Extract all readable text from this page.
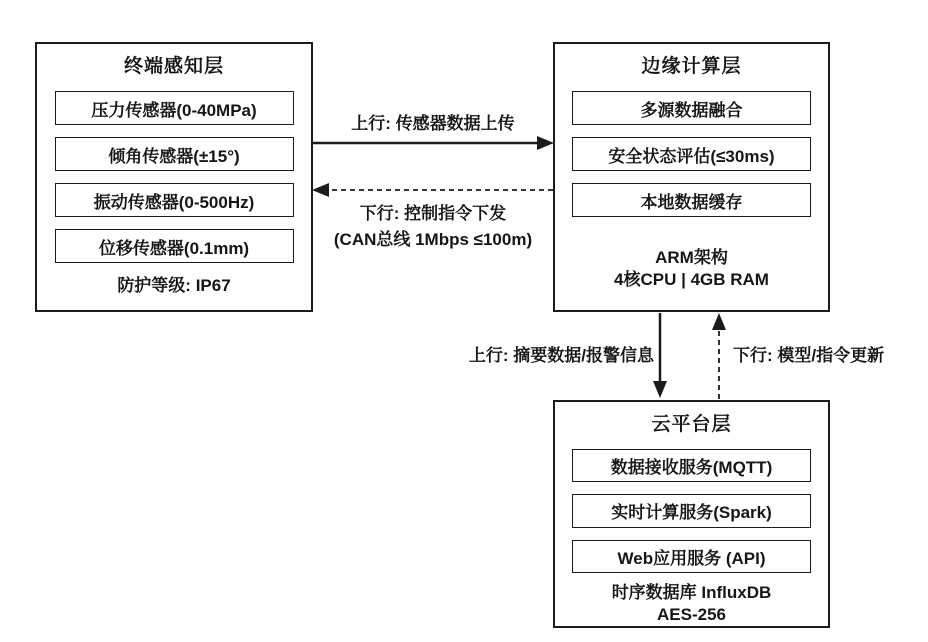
终端感知层
压力传感器(0-40MPa)
倾角传感器(±15°)
振动传感器(0-500Hz)
位移传感器(0.1mm)
防护等级: IP67
边缘计算层
多源数据融合
安全状态评估(≤30ms)
本地数据缓存
ARM架构
4核CPU | 4GB RAM
云平台层
数据接收服务(MQTT)
实时计算服务(Spark)
Web应用服务 (API)
时序数据库 InfluxDB
AES-256
上行: 传感器数据上传
下行: 控制指令下发
(CAN总线 1Mbps ≤100m)
上行: 摘要数据/报警信息	下行: 模型/指令更新
